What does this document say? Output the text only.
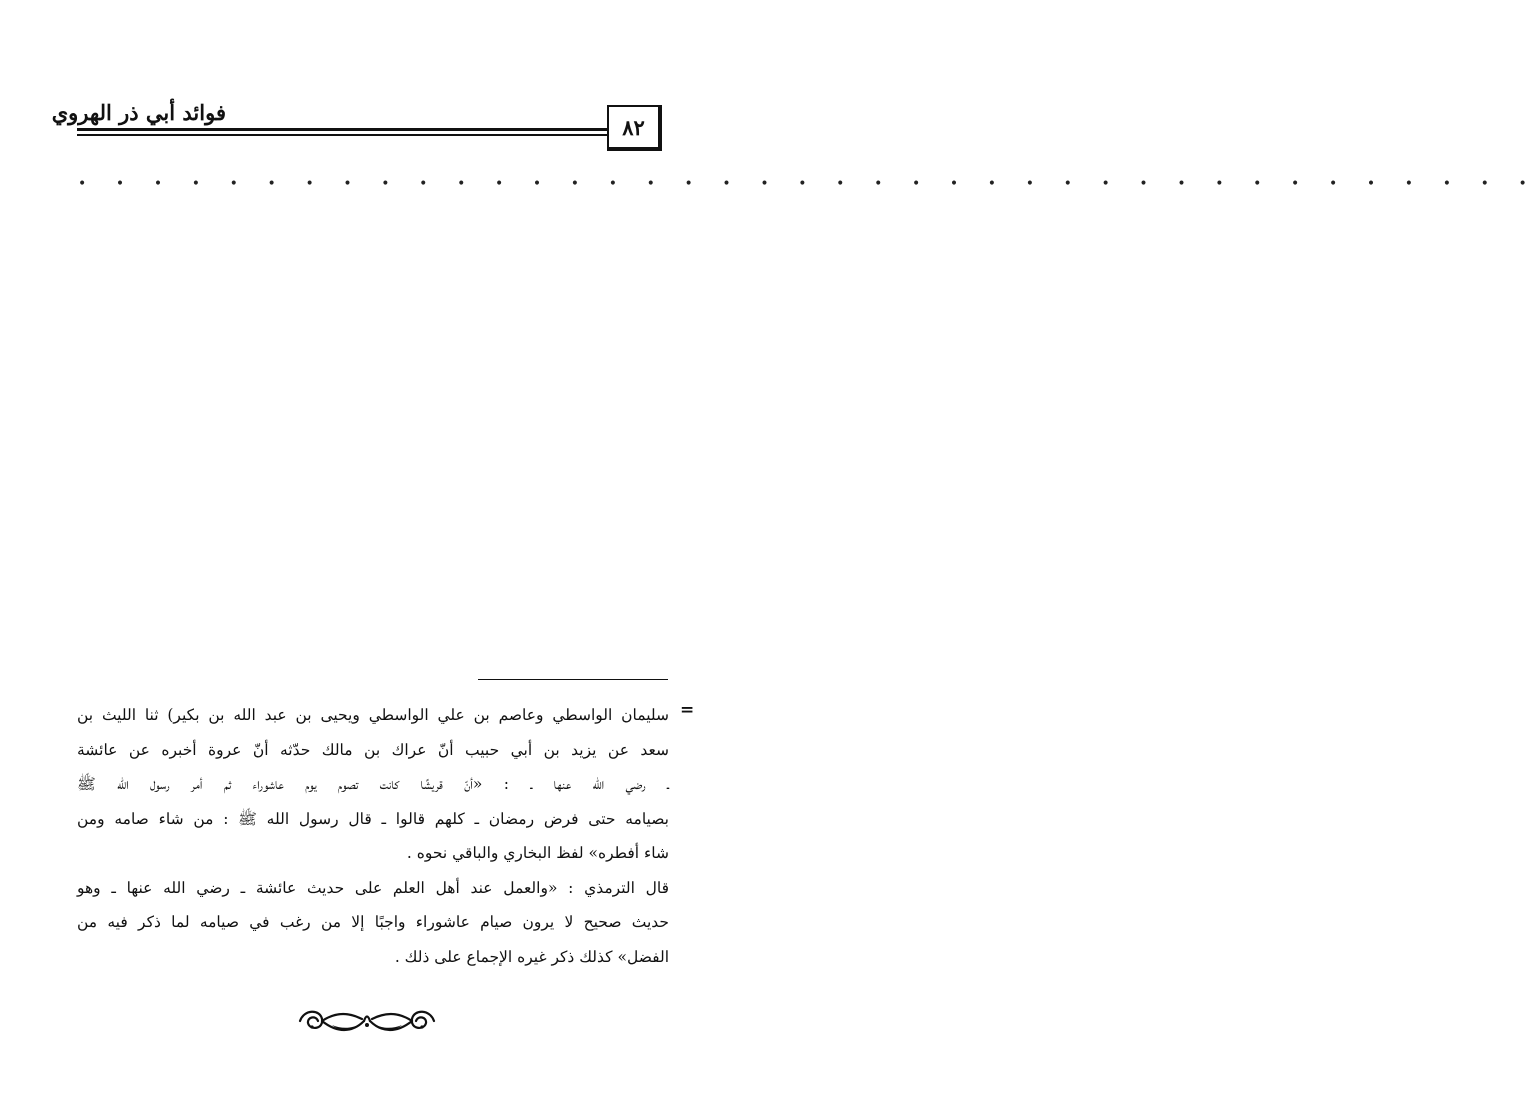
فوائد أبي ذر الهروي
٨٢
• • • • • • • • • • • • • • • • • • • • • • • • • • • • • • • • • • • • • • •
=
سليمان الواسطي وعاصم بن علي الواسطي ويحيى بن عبد الله بن بكير) ثنا الليث بن
سعد عن يزيد بن أبي حبيب أنّ عراك بن مالك حدّثه أنّ عروة أخبره عن عائشة
ـ رضي الله عنها ـ : «أنّ قريشًا كانت تصوم يوم عاشوراء ثم أمر رسول الله ﷺ
بصيامه حتى فرض رمضان ـ كلهم قالوا ـ قال رسول الله ﷺ : من شاء صامه ومن
شاء أفطره» لفظ البخاري والباقي نحوه .
قال الترمذي : «والعمل عند أهل العلم على حديث عائشة ـ رضي الله عنها ـ وهو
حديث صحيح لا يرون صيام عاشوراء واجبًا إلا من رغب في صيامه لما ذكر فيه من
الفضل» كذلك ذكر غيره الإجماع على ذلك .
